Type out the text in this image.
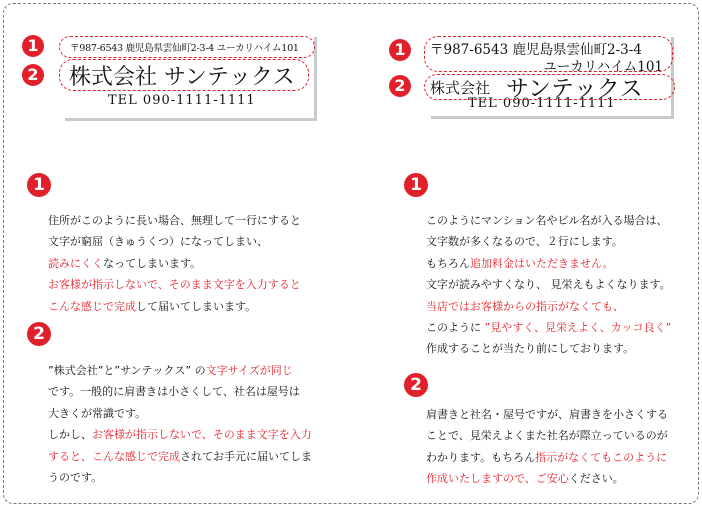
〒987-6543 鹿児島県雲仙町2-3-4 ユーカリハイム101
株式会社 サンテックス
TEL 090-1111-1111
1
2
〒987-6543 鹿児島県雲仙町2-3-4
ユーカリハイム101
株式会社 サンテックス
TEL 090-1111-1111
1
2
1
2
1
2
住所がこのように長い場合、無理して一行にすると
文字が窮屈（きゅうくつ）になってしまい、
読みにくくなってしまいます。
お客様が指示しないで、そのまま文字を入力すると
こんな感じで完成して届いてしまいます。
”株式会社”と”サンテックス” の文字サイズが同じ
です。一般的に肩書きは小さくして、社名は屋号は
大きくが常識です。
しかし、お客様が指示しないで、そのまま文字を入力
すると、こんな感じで完成されてお手元に届いてしま
うのです。
このようにマンション名やビル名が入る場合は、
文字数が多くなるので、２行にします。
もちろん追加料金はいただきません。
文字が読みやすくなり、 見栄えもよくなります。
当店ではお客様からの指示がなくても、
このように ”見やすく、見栄えよく、カッコ良く”
作成することが当たり前にしております。
肩書きと社名・屋号ですが、肩書きを小さくする
ことで、見栄えよくまた社名が際立っているのが
わかります。もちろん指示がなくてもこのように
作成いたしますので、ご安心ください。
